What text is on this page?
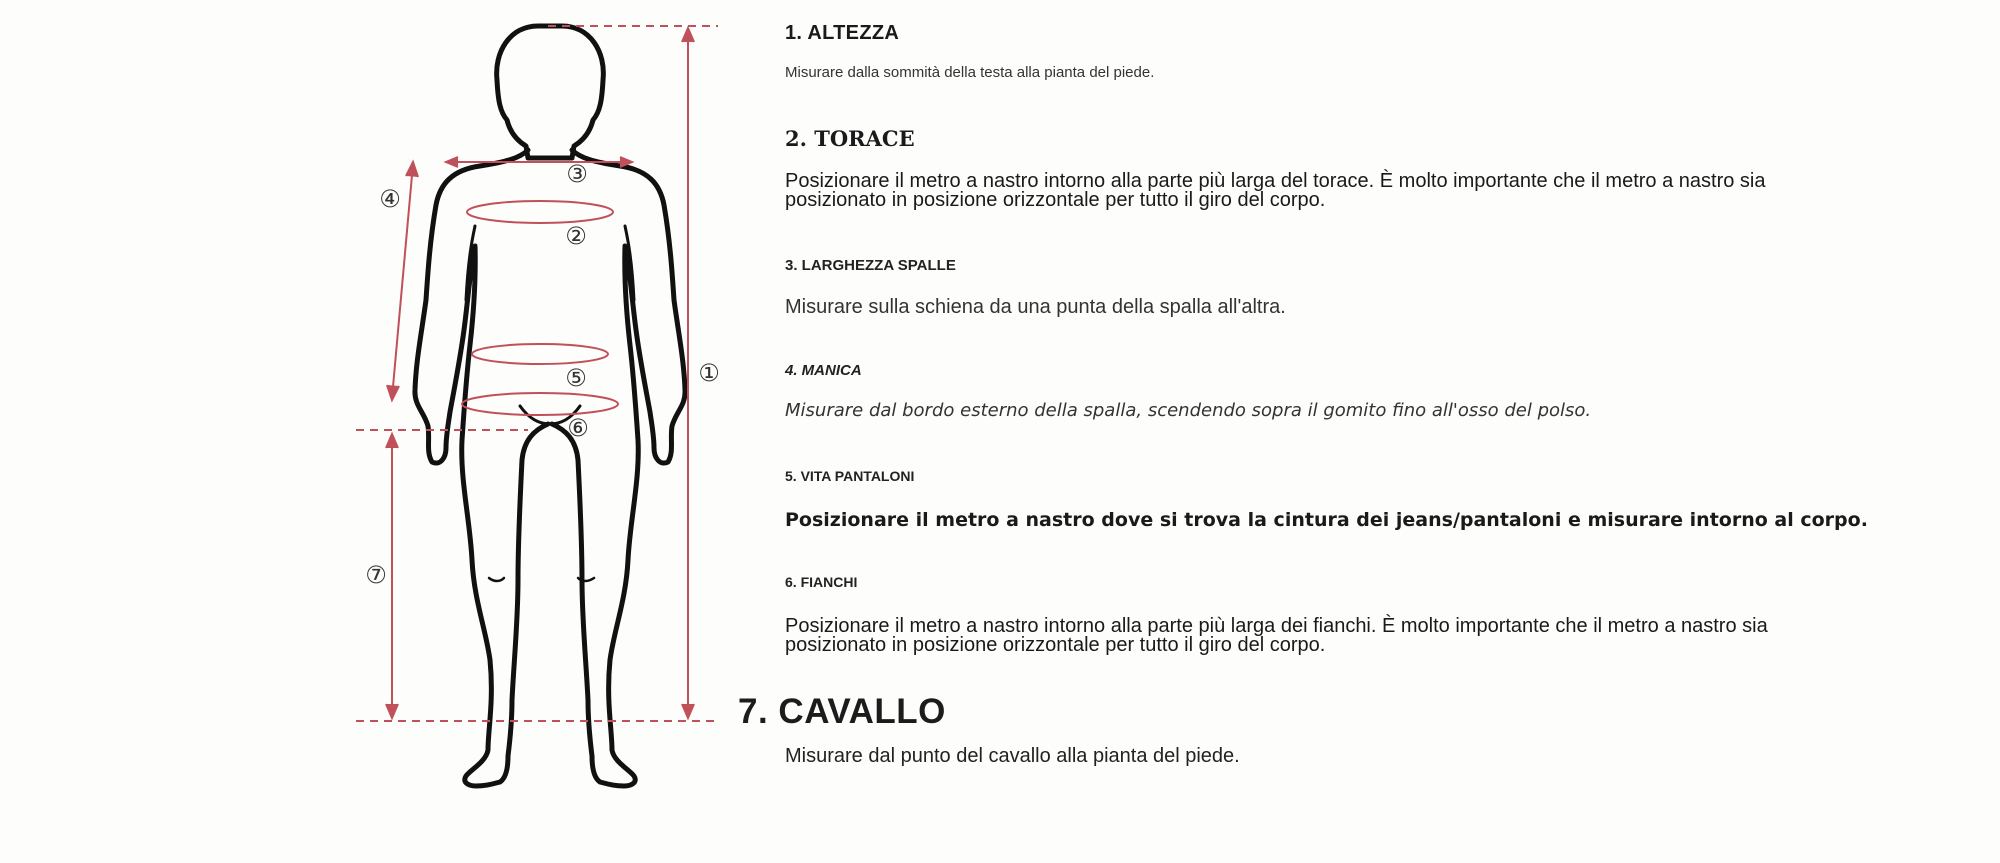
①
②
③
④
⑤
⑥
⑦
1. ALTEZZA
Misurare dalla sommità della testa alla pianta del piede.
2. TORACE
Posizionare il metro a nastro intorno alla parte più larga del torace. È molto importante che il metro a nastro sia posizionato in posizione orizzontale per tutto il giro del corpo.
3. LARGHEZZA SPALLE
Misurare sulla schiena da una punta della spalla all'altra.
4. MANICA
Misurare dal bordo esterno della spalla, scendendo sopra il gomito fino all'osso del polso.
5. VITA PANTALONI
Posizionare il metro a nastro dove si trova la cintura dei jeans/pantaloni e misurare intorno al corpo.
6. FIANCHI
Posizionare il metro a nastro intorno alla parte più larga dei fianchi. È molto importante che il metro a nastro sia posizionato in posizione orizzontale per tutto il giro del corpo.
7. CAVALLO
Misurare dal punto del cavallo alla pianta del piede.
